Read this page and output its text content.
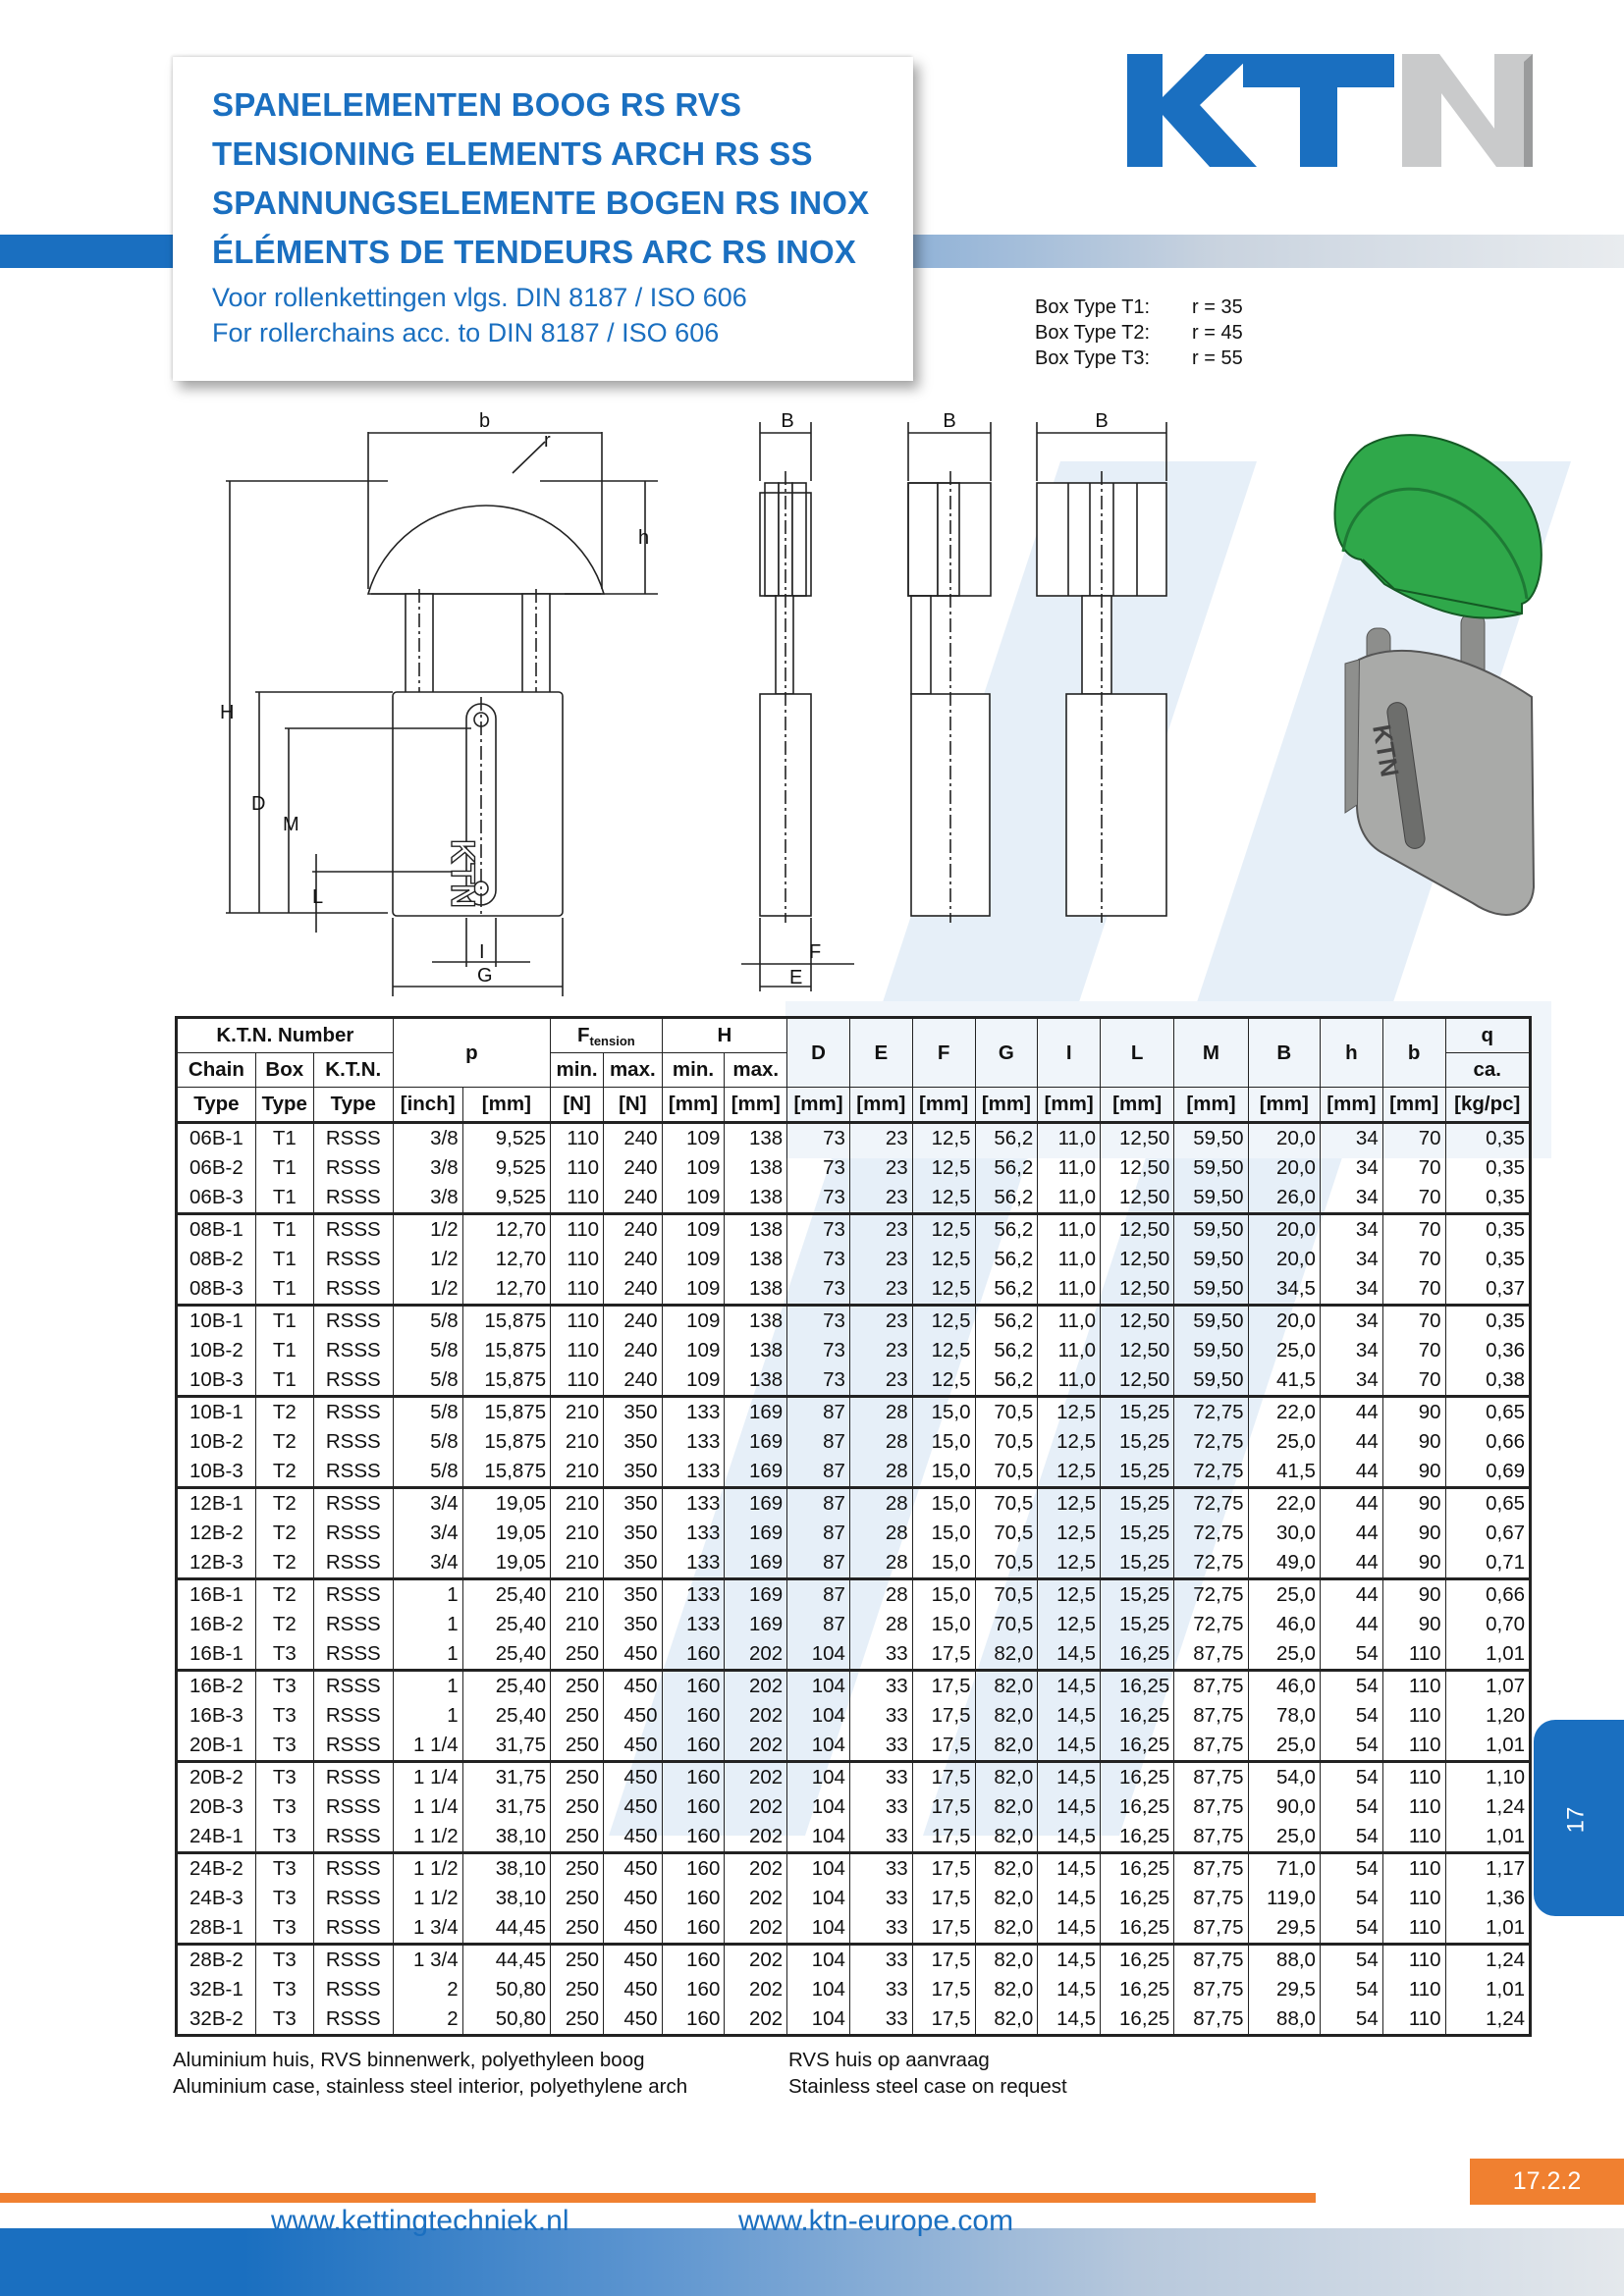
SPANELEMENTEN BOOG RS RVS
TENSIONING ELEMENTS ARCH RS SS
SPANNUNGSELEMENTE BOGEN RS INOX
ÉLÉMENTS DE TENDEURS ARC RS INOX
Voor rollenkettingen vlgs. DIN 8187 / ISO 606
For rollerchains acc. to DIN 8187 / ISO 606
Box Type T1: r = 35
Box Type T2: r = 45
Box Type T3: r = 55
b
r
h
H
D
M
L
I
G
B	B	B
F
E
KTN
KTN
K.T.N. Number			p		$F_{tension}$		H		D	E	F	G	I	L	M	B	h	b	q
Chain	Box	K.T.N.			min.	max.	min.	max.											ca.
Type	Type	Type	[inch]	[mm]	[N]	[N]	[mm]	[mm]	[mm]	[mm]	[mm]	[mm]	[mm]	[mm]	[mm]	[mm]	[mm]	[mm]	[kg/pc]
06B-1	T1	RSSS	3/8	9,525	110	240	109	138	73	23	12,5	56,2	11,0	12,50	59,50	20,0	34	70	0,35
06B-2	T1	RSSS	3/8	9,525	110	240	109	138	73	23	12,5	56,2	11,0	12,50	59,50	20,0	34	70	0,35
06B-3	T1	RSSS	3/8	9,525	110	240	109	138	73	23	12,5	56,2	11,0	12,50	59,50	26,0	34	70	0,35
08B-1	T1	RSSS	1/2	12,70	110	240	109	138	73	23	12,5	56,2	11,0	12,50	59,50	20,0	34	70	0,35
08B-2	T1	RSSS	1/2	12,70	110	240	109	138	73	23	12,5	56,2	11,0	12,50	59,50	20,0	34	70	0,35
08B-3	T1	RSSS	1/2	12,70	110	240	109	138	73	23	12,5	56,2	11,0	12,50	59,50	34,5	34	70	0,37
10B-1	T1	RSSS	5/8	15,875	110	240	109	138	73	23	12,5	56,2	11,0	12,50	59,50	20,0	34	70	0,35
10B-2	T1	RSSS	5/8	15,875	110	240	109	138	73	23	12,5	56,2	11,0	12,50	59,50	25,0	34	70	0,36
10B-3	T1	RSSS	5/8	15,875	110	240	109	138	73	23	12,5	56,2	11,0	12,50	59,50	41,5	34	70	0,38
10B-1	T2	RSSS	5/8	15,875	210	350	133	169	87	28	15,0	70,5	12,5	15,25	72,75	22,0	44	90	0,65
10B-2	T2	RSSS	5/8	15,875	210	350	133	169	87	28	15,0	70,5	12,5	15,25	72,75	25,0	44	90	0,66
10B-3	T2	RSSS	5/8	15,875	210	350	133	169	87	28	15,0	70,5	12,5	15,25	72,75	41,5	44	90	0,69
12B-1	T2	RSSS	3/4	19,05	210	350	133	169	87	28	15,0	70,5	12,5	15,25	72,75	22,0	44	90	0,65
12B-2	T2	RSSS	3/4	19,05	210	350	133	169	87	28	15,0	70,5	12,5	15,25	72,75	30,0	44	90	0,67
12B-3	T2	RSSS	3/4	19,05	210	350	133	169	87	28	15,0	70,5	12,5	15,25	72,75	49,0	44	90	0,71
16B-1	T2	RSSS	1	25,40	210	350	133	169	87	28	15,0	70,5	12,5	15,25	72,75	25,0	44	90	0,66
16B-2	T2	RSSS	1	25,40	210	350	133	169	87	28	15,0	70,5	12,5	15,25	72,75	46,0	44	90	0,70
16B-1	T3	RSSS	1	25,40	250	450	160	202	104	33	17,5	82,0	14,5	16,25	87,75	25,0	54	110	1,01
16B-2	T3	RSSS	1	25,40	250	450	160	202	104	33	17,5	82,0	14,5	16,25	87,75	46,0	54	110	1,07
16B-3	T3	RSSS	1	25,40	250	450	160	202	104	33	17,5	82,0	14,5	16,25	87,75	78,0	54	110	1,20
20B-1	T3	RSSS	1 1/4	31,75	250	450	160	202	104	33	17,5	82,0	14,5	16,25	87,75	25,0	54	110	1,01
20B-2	T3	RSSS	1 1/4	31,75	250	450	160	202	104	33	17,5	82,0	14,5	16,25	87,75	54,0	54	110	1,10
20B-3	T3	RSSS	1 1/4	31,75	250	450	160	202	104	33	17,5	82,0	14,5	16,25	87,75	90,0	54	110	1,24
24B-1	T3	RSSS	1 1/2	38,10	250	450	160	202	104	33	17,5	82,0	14,5	16,25	87,75	25,0	54	110	1,01
24B-2	T3	RSSS	1 1/2	38,10	250	450	160	202	104	33	17,5	82,0	14,5	16,25	87,75	71,0	54	110	1,17
24B-3	T3	RSSS	1 1/2	38,10	250	450	160	202	104	33	17,5	82,0	14,5	16,25	87,75	119,0	54	110	1,36
28B-1	T3	RSSS	1 3/4	44,45	250	450	160	202	104	33	17,5	82,0	14,5	16,25	87,75	29,5	54	110	1,01
28B-2	T3	RSSS	1 3/4	44,45	250	450	160	202	104	33	17,5	82,0	14,5	16,25	87,75	88,0	54	110	1,24
32B-1	T3	RSSS	2	50,80	250	450	160	202	104	33	17,5	82,0	14,5	16,25	87,75	29,5	54	110	1,01
32B-2	T3	RSSS	2	50,80	250	450	160	202	104	33	17,5	82,0	14,5	16,25	87,75	88,0	54	110	1,24
Aluminium huis, RVS binnenwerk, polyethyleen boog
Aluminium case, stainless steel interior, polyethylene arch
RVS huis op aanvraag
Stainless steel case on request
17
17.2.2
www.kettingtechniek.nl	www.ktn-europe.com
